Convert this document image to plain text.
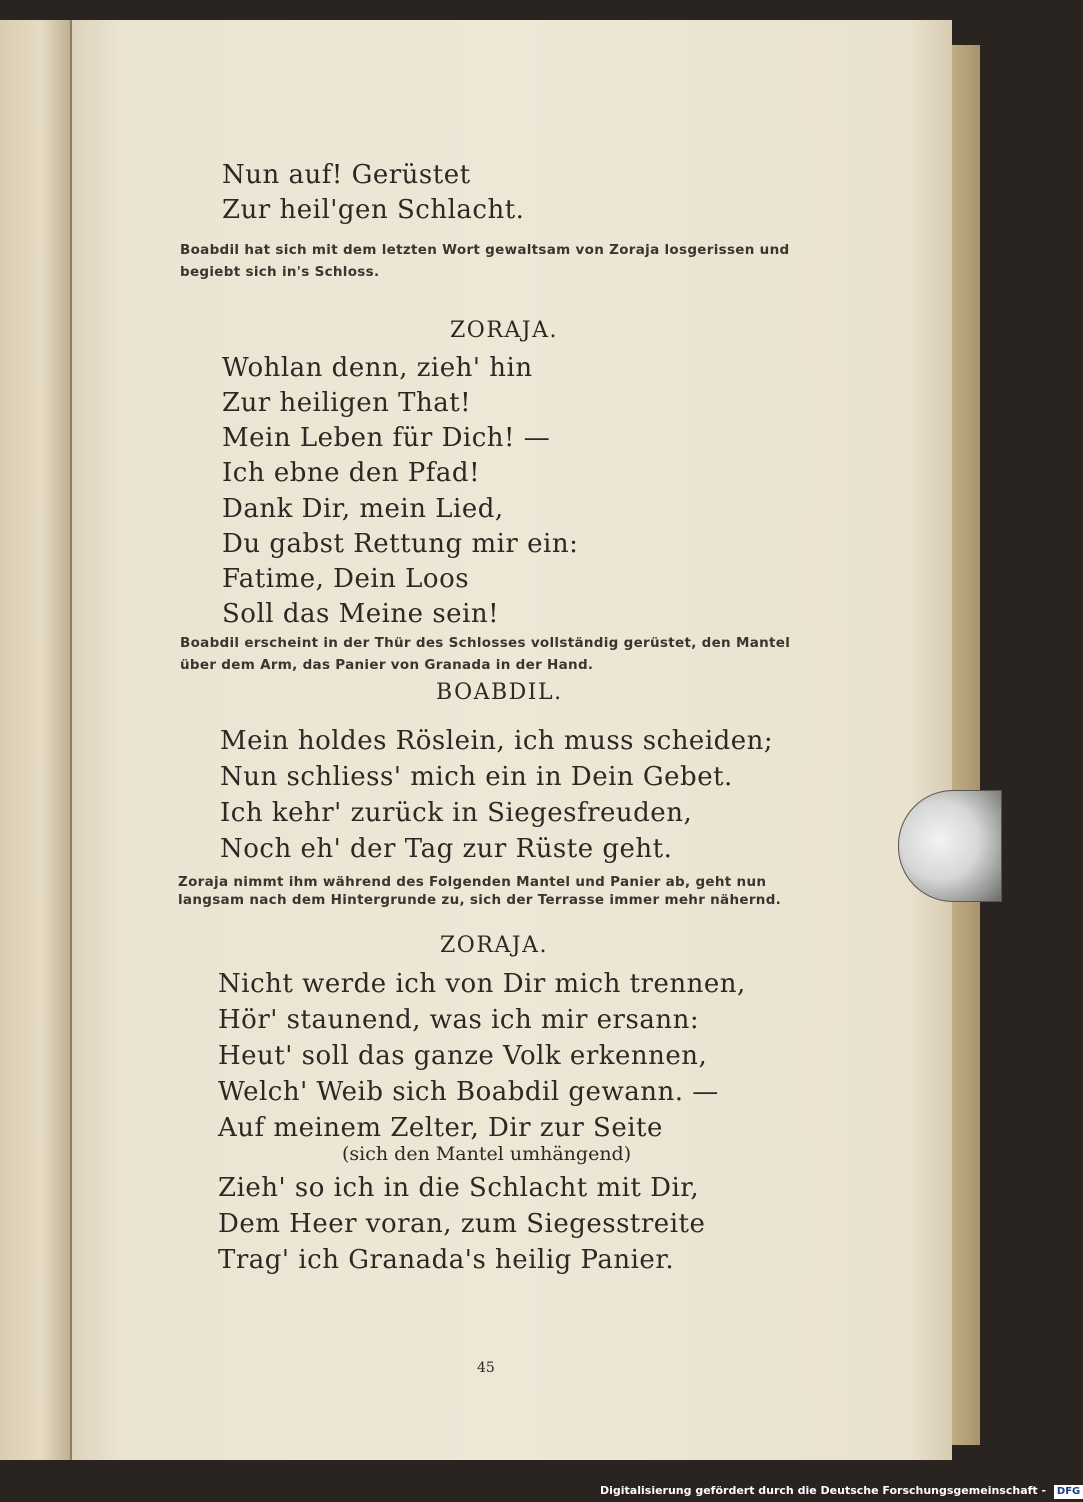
Nun auf! Gerüstet
Zur heil'gen Schlacht.
Boabdil hat sich mit dem letzten Wort gewaltsam von Zoraja losgerissen und begiebt sich in's Schloss.
ZORAJA.
Wohlan denn, zieh' hin
Zur heiligen That!
Mein Leben für Dich! —
Ich ebne den Pfad!
Dank Dir, mein Lied,
Du gabst Rettung mir ein:
Fatime, Dein Loos
Soll das Meine sein!
Boabdil erscheint in der Thür des Schlosses vollständig gerüstet, den Mantel über dem Arm, das Panier von Granada in der Hand.
BOABDIL.
Mein holdes Röslein, ich muss scheiden;
Nun schliess' mich ein in Dein Gebet.
Ich kehr' zurück in Siegesfreuden,
Noch eh' der Tag zur Rüste geht.
Zoraja nimmt ihm während des Folgenden Mantel und Panier ab, geht nun langsam nach dem Hintergrunde zu, sich der Terrasse immer mehr nähernd.
ZORAJA.
Nicht werde ich von Dir mich trennen,
Hör' staunend, was ich mir ersann:
Heut' soll das ganze Volk erkennen,
Welch' Weib sich Boabdil gewann. —
Auf meinem Zelter, Dir zur Seite
(sich den Mantel umhängend)
Zieh' so ich in die Schlacht mit Dir,
Dem Heer voran, zum Siegesstreite
Trag' ich Granada's heilig Panier.
45
Digitalisierung gefördert durch die Deutsche Forschungsgemeinschaft - DFG
